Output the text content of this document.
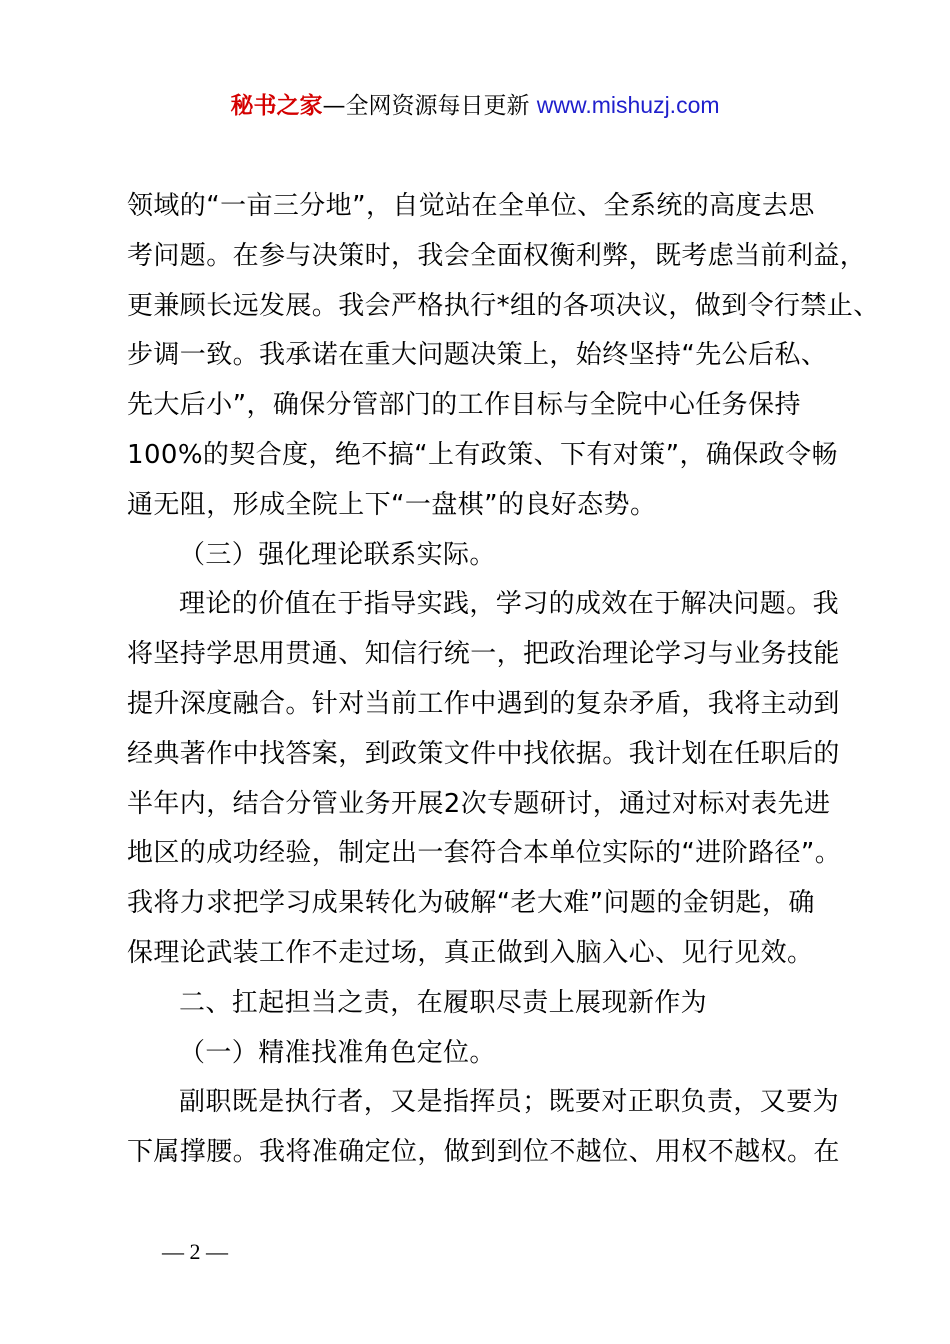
秘书之家—全网资源每日更新 www.mishuzj.com

领域的“一亩三分地”，自觉站在全单位、全系统的高度去思

考问题。在参与决策时，我会全面权衡利弊，既考虑当前利益，

更兼顾长远发展。我会严格执行*组的各项决议，做到令行禁止、

步调一致。我承诺在重大问题决策上，始终坚持“先公后私、

先大后小”，确保分管部门的工作目标与全院中心任务保持

100%的契合度，绝不搞“上有政策、下有对策”，确保政令畅

通无阻，形成全院上下“一盘棋”的良好态势。

（三）强化理论联系实际。

理论的价值在于指导实践，学习的成效在于解决问题。我

将坚持学思用贯通、知信行统一，把政治理论学习与业务技能

提升深度融合。针对当前工作中遇到的复杂矛盾，我将主动到

经典著作中找答案，到政策文件中找依据。我计划在任职后的

半年内，结合分管业务开展2次专题研讨，通过对标对表先进

地区的成功经验，制定出一套符合本单位实际的“进阶路径”。

我将力求把学习成果转化为破解“老大难”问题的金钥匙，确

保理论武装工作不走过场，真正做到入脑入心、见行见效。

二、扛起担当之责，在履职尽责上展现新作为

（一）精准找准角色定位。

副职既是执行者，又是指挥员；既要对正职负责，又要为

下属撑腰。我将准确定位，做到到位不越位、用权不越权。在

— 2 —
